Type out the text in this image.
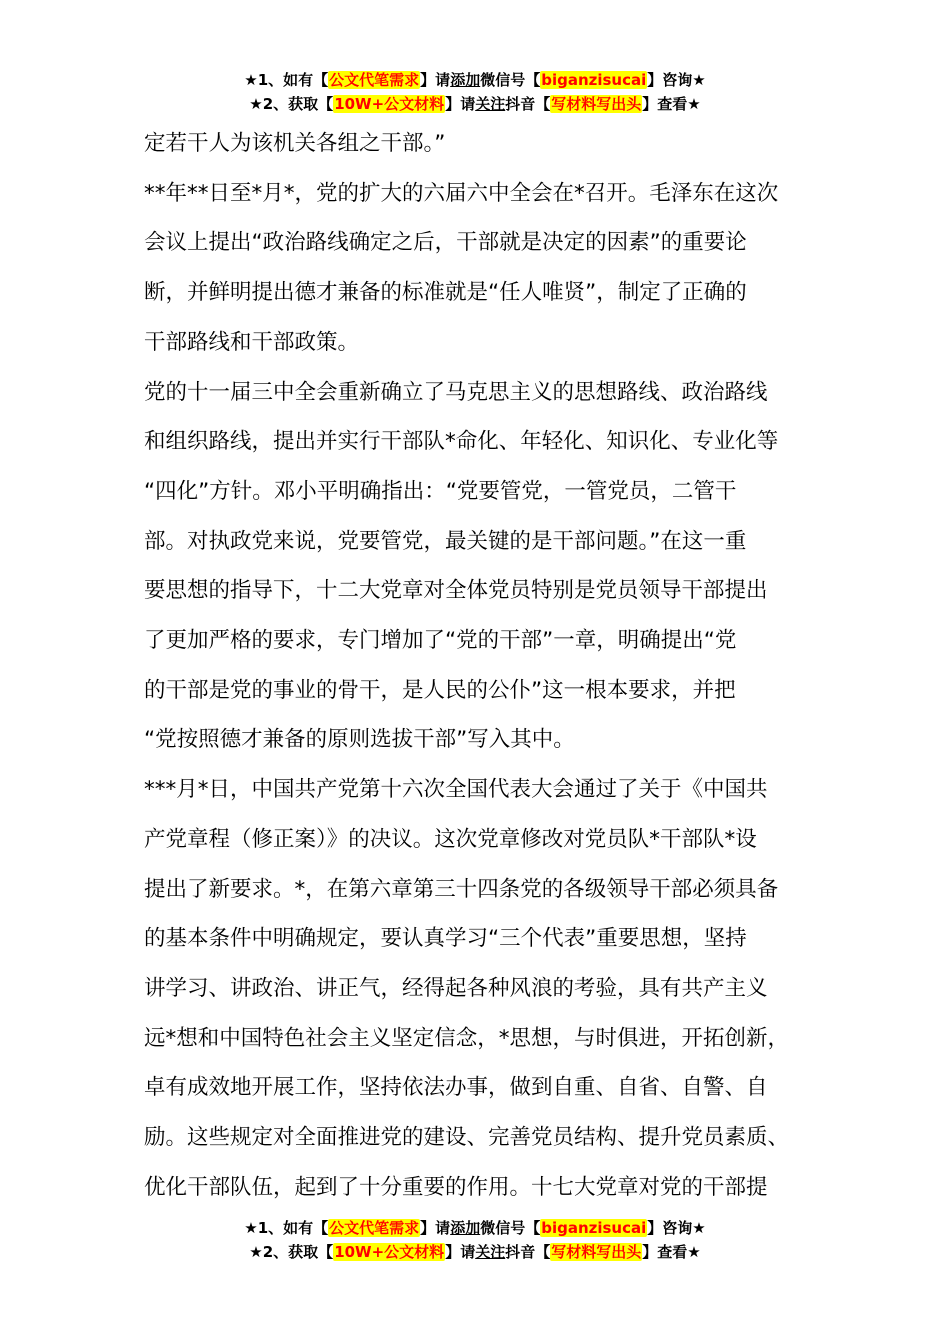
★1、如有【公文代笔需求】请添加微信号【biganzisucai】咨询★
★2、获取【10W+公文材料】请关注抖音【写材料写出头】查看★

定若干人为该机关各组之干部。”

**年**日至*月*，党的扩大的六届六中全会在*召开。毛泽东在这次

会议上提出“政治路线确定之后，干部就是决定的因素”的重要论

断，并鲜明提出德才兼备的标准就是“任人唯贤”，制定了正确的

干部路线和干部政策。

党的十一届三中全会重新确立了马克思主义的思想路线、政治路线

和组织路线，提出并实行干部队*命化、年轻化、知识化、专业化等

“四化”方针。邓小平明确指出：“党要管党，一管党员，二管干

部。对执政党来说，党要管党，最关键的是干部问题。”在这一重

要思想的指导下，十二大党章对全体党员特别是党员领导干部提出

了更加严格的要求，专门增加了“党的干部”一章，明确提出“党

的干部是党的事业的骨干，是人民的公仆”这一根本要求，并把

“党按照德才兼备的原则选拔干部”写入其中。

***月*日，中国共产党第十六次全国代表大会通过了关于《中国共

产党章程（修正案）》的决议。这次党章修改对党员队*干部队*设

提出了新要求。*，在第六章第三十四条党的各级领导干部必须具备

的基本条件中明确规定，要认真学习“三个代表”重要思想，坚持

讲学习、讲政治、讲正气，经得起各种风浪的考验，具有共产主义

远*想和中国特色社会主义坚定信念，*思想，与时俱进，开拓创新，

卓有成效地开展工作，坚持依法办事，做到自重、自省、自警、自

励。这些规定对全面推进党的建设、完善党员结构、提升党员素质、

优化干部队伍，起到了十分重要的作用。十七大党章对党的干部提

★1、如有【公文代笔需求】请添加微信号【biganzisucai】咨询★
★2、获取【10W+公文材料】请关注抖音【写材料写出头】查看★
